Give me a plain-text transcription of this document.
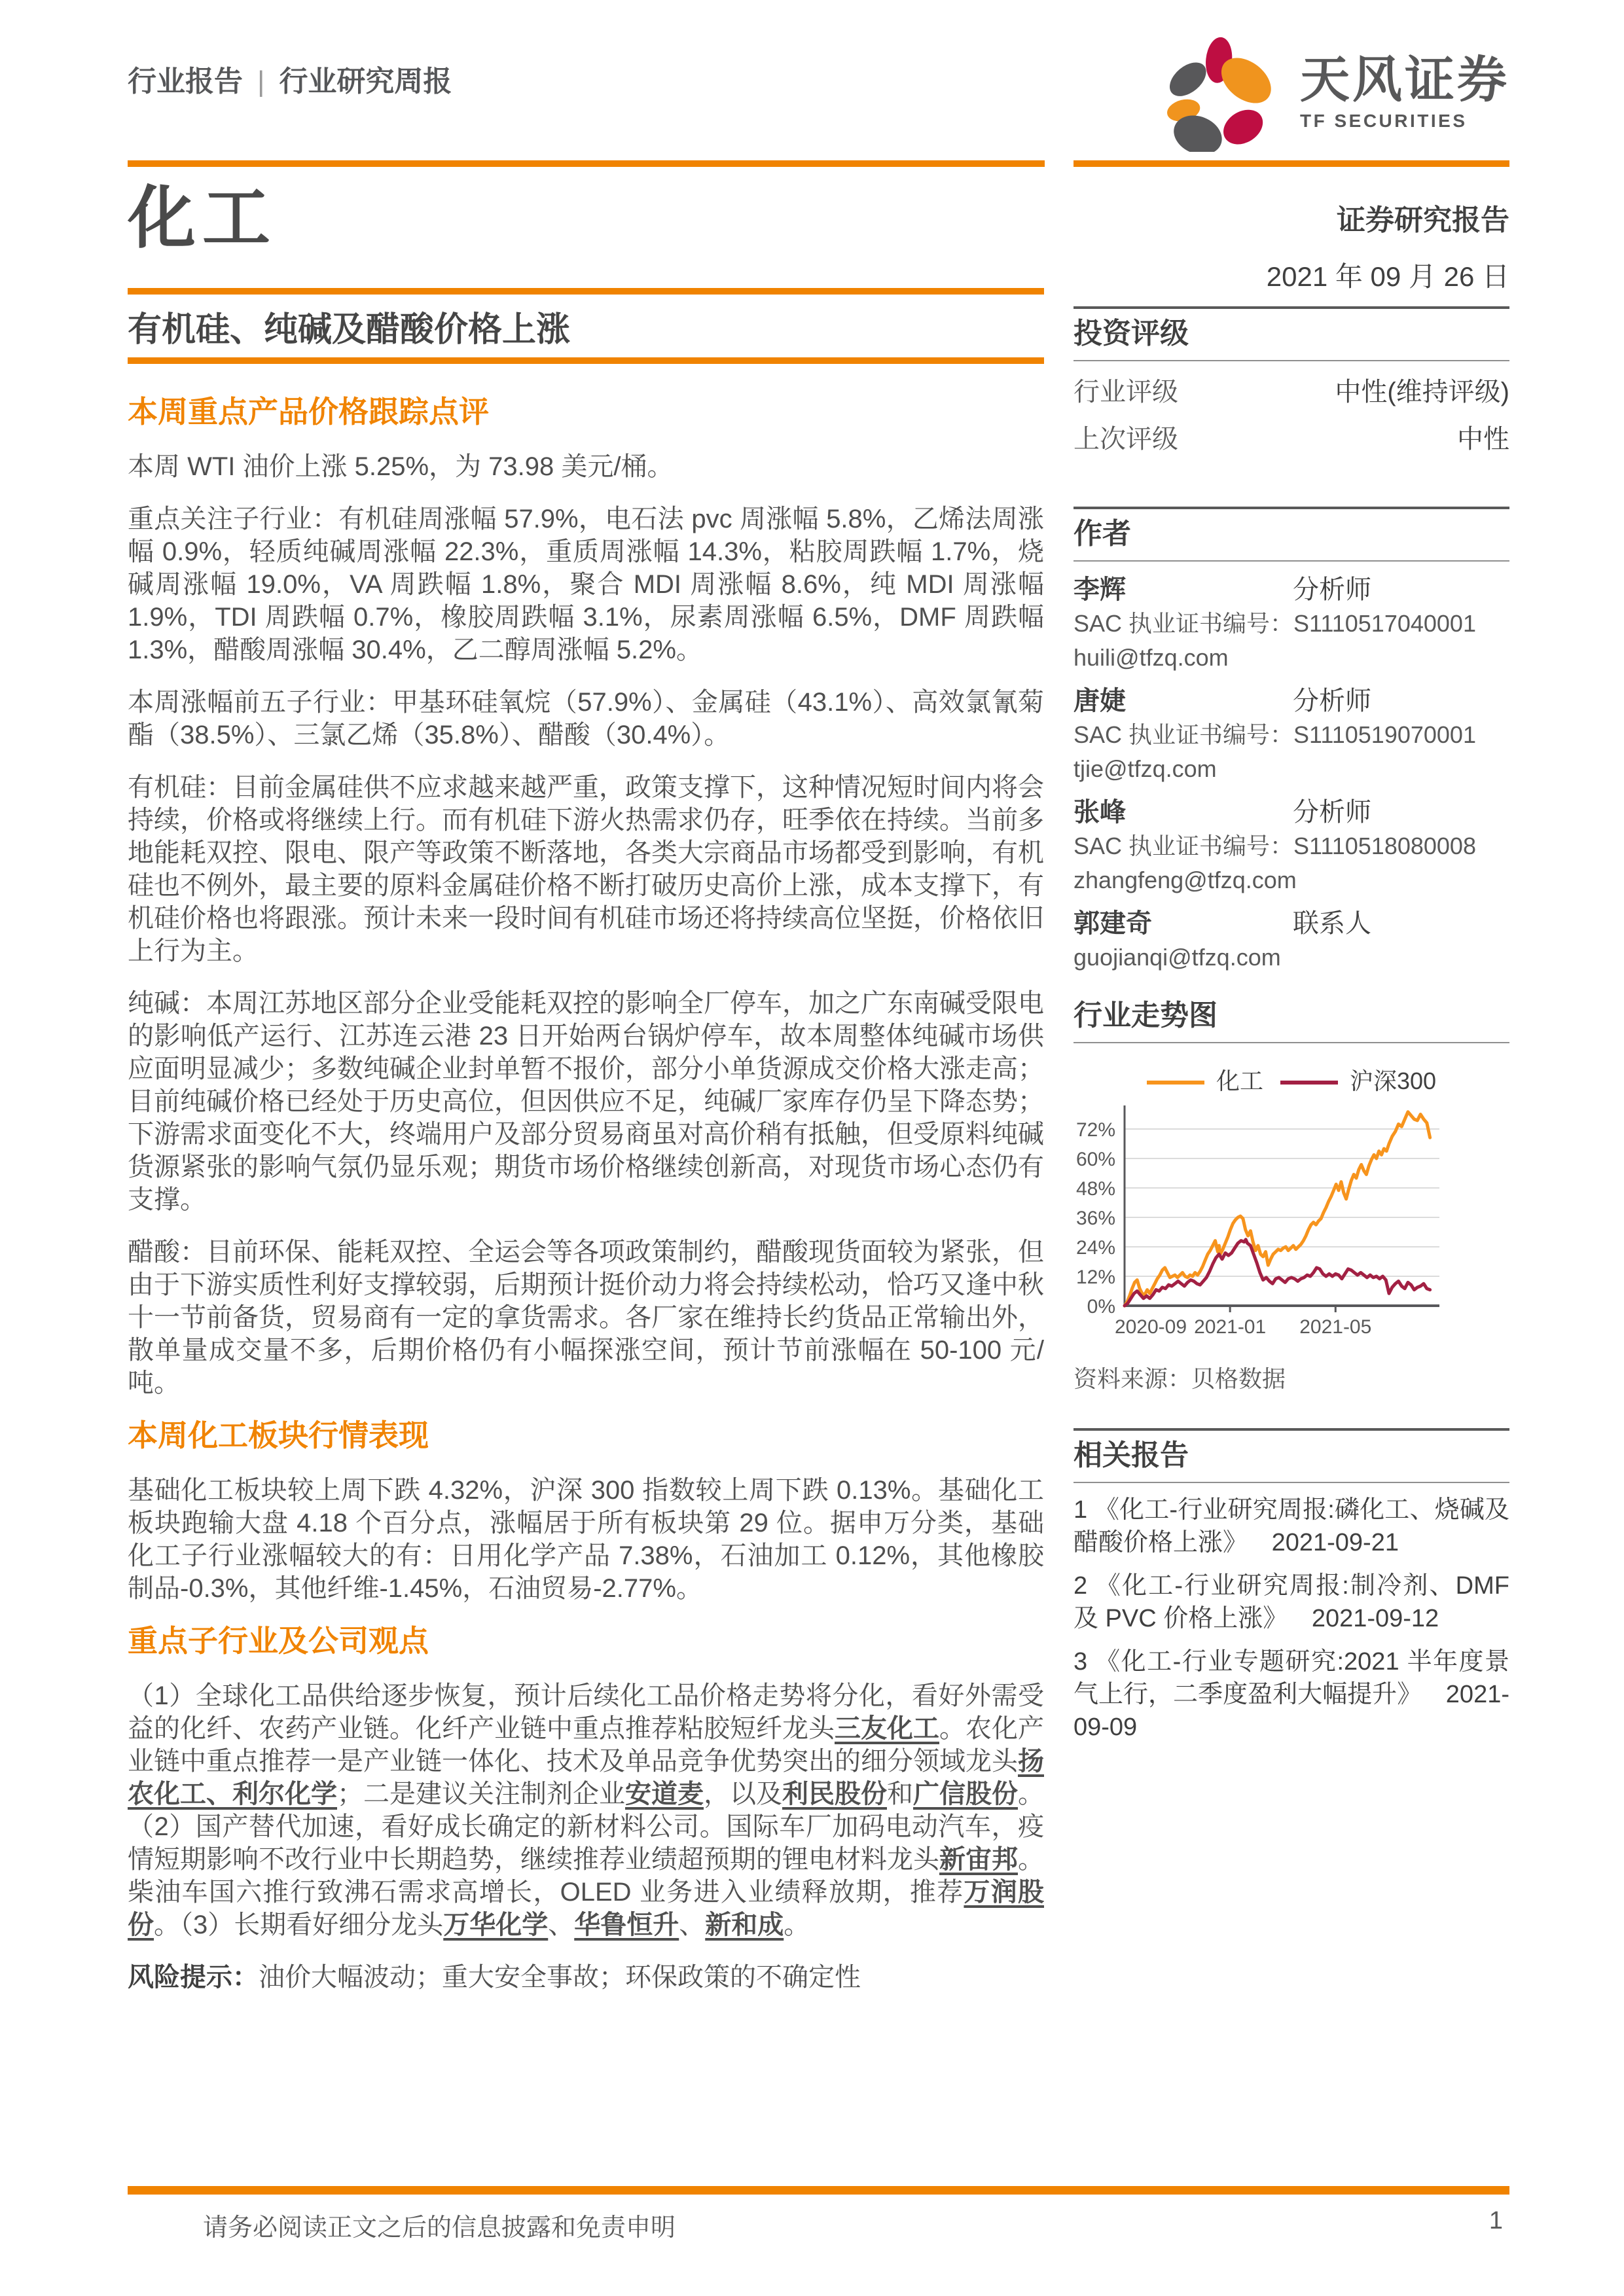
行业报告 | 行业研究周报	天风证券
TF SECURITIES
化工
有机硅、纯碱及醋酸价格上涨
本周重点产品价格跟踪点评

本周 WTI 油价上涨 5.25%，为 73.98 美元/桶。

重点关注子行业：有机硅周涨幅 57.9%，电石法 pvc 周涨幅 5.8%，乙烯法周涨幅 0.9%，轻质纯碱周涨幅 22.3%，重质周涨幅 14.3%，粘胶周跌幅 1.7%，烧碱周涨幅 19.0%，VA 周跌幅 1.8%，聚合 MDI 周涨幅 8.6%，纯 MDI 周涨幅 1.9%，TDI 周跌幅 0.7%，橡胶周跌幅 3.1%，尿素周涨幅 6.5%，DMF 周跌幅 1.3%，醋酸周涨幅 30.4%，乙二醇周涨幅 5.2%。

本周涨幅前五子行业：甲基环硅氧烷（57.9%）、金属硅（43.1%）、高效氯氰菊酯（38.5%）、三氯乙烯（35.8%）、醋酸（30.4%）。

有机硅：目前金属硅供不应求越来越严重，政策支撑下，这种情况短时间内将会持续，价格或将继续上行。而有机硅下游火热需求仍存，旺季依在持续。当前多地能耗双控、限电、限产等政策不断落地，各类大宗商品市场都受到影响，有机硅也不例外，最主要的原料金属硅价格不断打破历史高价上涨，成本支撑下，有机硅价格也将跟涨。预计未来一段时间有机硅市场还将持续高位坚挺，价格依旧上行为主。

纯碱：本周江苏地区部分企业受能耗双控的影响全厂停车，加之广东南碱受限电的影响低产运行、江苏连云港 23 日开始两台锅炉停车，故本周整体纯碱市场供应面明显减少；多数纯碱企业封单暂不报价，部分小单货源成交价格大涨走高；目前纯碱价格已经处于历史高位，但因供应不足，纯碱厂家库存仍呈下降态势；下游需求面变化不大，终端用户及部分贸易商虽对高价稍有抵触，但受原料纯碱货源紧张的影响气氛仍显乐观；期货市场价格继续创新高，对现货市场心态仍有支撑。

醋酸：目前环保、能耗双控、全运会等各项政策制约，醋酸现货面较为紧张，但由于下游实质性利好支撑较弱，后期预计挺价动力将会持续松动，恰巧又逢中秋十一节前备货，贸易商有一定的拿货需求。各厂家在维持长约货品正常输出外，散单量成交量不多，后期价格仍有小幅探涨空间，预计节前涨幅在 50-100 元/吨。

本周化工板块行情表现

基础化工板块较上周下跌 4.32%，沪深 300 指数较上周下跌 0.13%。基础化工板块跑输大盘 4.18 个百分点，涨幅居于所有板块第 29 位。据申万分类，基础化工子行业涨幅较大的有：日用化学产品 7.38%，石油加工 0.12%，其他橡胶制品-0.3%，其他纤维-1.45%，石油贸易-2.77%。

重点子行业及公司观点

（1）全球化工品供给逐步恢复，预计后续化工品价格走势将分化，看好外需受益的化纤、农药产业链。化纤产业链中重点推荐粘胶短纤龙头三友化工。农化产业链中重点推荐一是产业链一体化、技术及单品竞争优势突出的细分领域龙头扬农化工、利尔化学；二是建议关注制剂企业安道麦，以及利民股份和广信股份。（2）国产替代加速，看好成长确定的新材料公司。国际车厂加码电动汽车，疫情短期影响不改行业中长期趋势，继续推荐业绩超预期的锂电材料龙头新宙邦。柴油车国六推行致沸石需求高增长，OLED 业务进入业绩释放期，推荐万润股份。（3）长期看好细分龙头万华化学、华鲁恒升、新和成。

风险提示：油价大幅波动；重大安全事故；环保政策的不确定性

证券研究报告
2021 年 09 月 26 日
投资评级
行业评级	中性(维持评级)
上次评级	中性
作者
李辉	分析师
SAC 执业证书编号：S1110517040001
huili@tfzq.com
唐婕	分析师
SAC 执业证书编号：S1110519070001
tjie@tfzq.com
张峰	分析师
SAC 执业证书编号：S1110518080008
zhangfeng@tfzq.com
郭建奇	联系人
guojianqi@tfzq.com
行业走势图
化工	沪深300
0%
12%
24%
36%
48%
60%
72%
2020-09 2021-01 2021-05
资料来源：贝格数据
相关报告
1 《化工-行业研究周报:磷化工、烧碱及醋酸价格上涨》 2021-09-21
2 《化工-行业研究周报:制冷剂、DMF 及 PVC 价格上涨》 2021-09-12
3 《化工-行业专题研究:2021 半年度景气上行，二季度盈利大幅提升》 2021-09-09
请务必阅读正文之后的信息披露和免责申明	1
